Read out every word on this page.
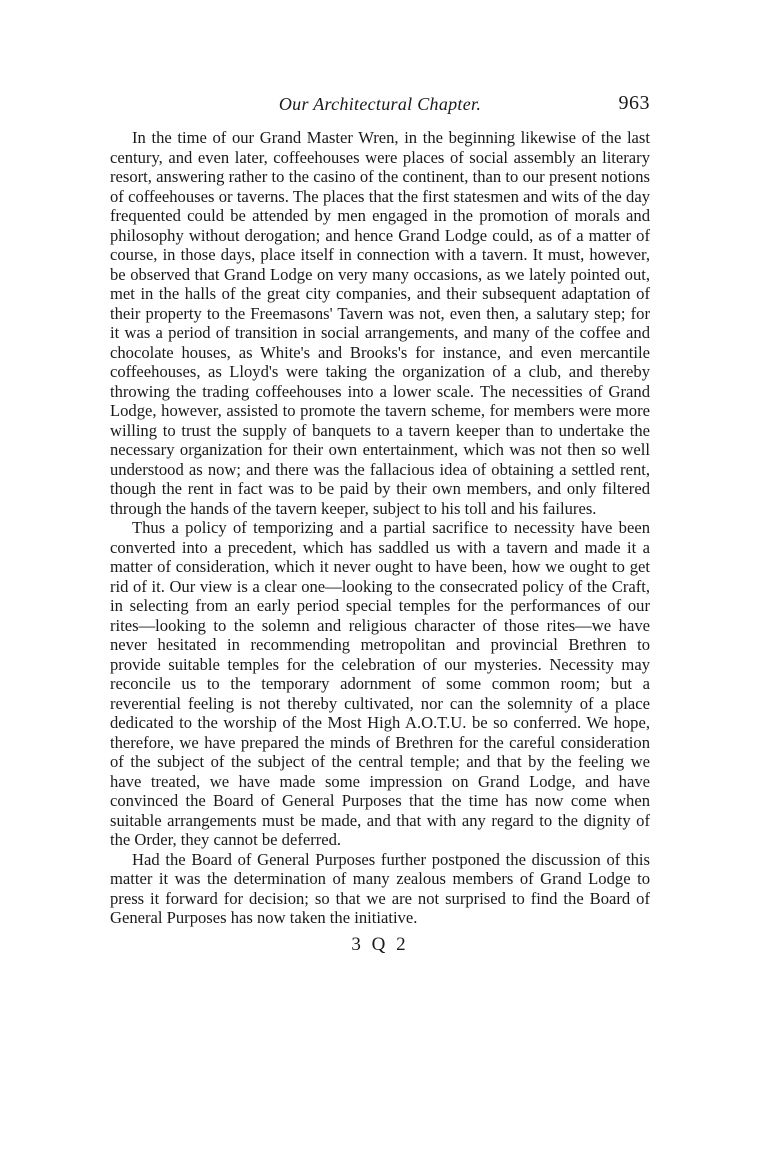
Our Architectural Chapter.	963

In the time of our Grand Master Wren, in the beginning likewise of the last century, and even later, coffeehouses were places of social assembly an literary resort, answering rather to the casino of the continent, than to our present notions of coffeehouses or taverns. The places that the first statesmen and wits of the day frequented could be attended by men engaged in the promotion of morals and philosophy without derogation; and hence Grand Lodge could, as of a matter of course, in those days, place itself in connection with a tavern. It must, however, be observed that Grand Lodge on very many occasions, as we lately pointed out, met in the halls of the great city companies, and their subsequent adaptation of their property to the Freemasons' Tavern was not, even then, a salutary step; for it was a period of transition in social arrangements, and many of the coffee and chocolate houses, as White's and Brooks's for instance, and even mercantile coffeehouses, as Lloyd's were taking the organization of a club, and thereby throwing the trading coffeehouses into a lower scale. The necessities of Grand Lodge, however, assisted to promote the tavern scheme, for members were more willing to trust the supply of banquets to a tavern keeper than to undertake the necessary organization for their own entertainment, which was not then so well understood as now; and there was the fallacious idea of obtaining a settled rent, though the rent in fact was to be paid by their own members, and only filtered through the hands of the tavern keeper, subject to his toll and his failures.

Thus a policy of temporizing and a partial sacrifice to necessity have been converted into a precedent, which has saddled us with a tavern and made it a matter of consideration, which it never ought to have been, how we ought to get rid of it. Our view is a clear one—looking to the consecrated policy of the Craft, in selecting from an early period special temples for the performances of our rites—looking to the solemn and religious character of those rites—we have never hesitated in recommending metropolitan and provincial Brethren to provide suitable temples for the celebration of our mysteries. Necessity may reconcile us to the temporary adornment of some common room; but a reverential feeling is not thereby cultivated, nor can the solemnity of a place dedicated to the worship of the Most High A.O.T.U. be so conferred. We hope, therefore, we have prepared the minds of Brethren for the careful consideration of the subject of the subject of the central temple; and that by the feeling we have treated, we have made some impression on Grand Lodge, and have convinced the Board of General Purposes that the time has now come when suitable arrangements must be made, and that with any regard to the dignity of the Order, they cannot be deferred.

Had the Board of General Purposes further postponed the discussion of this matter it was the determination of many zealous members of Grand Lodge to press it forward for decision; so that we are not surprised to find the Board of General Purposes has now taken the initiative.

3 Q 2
